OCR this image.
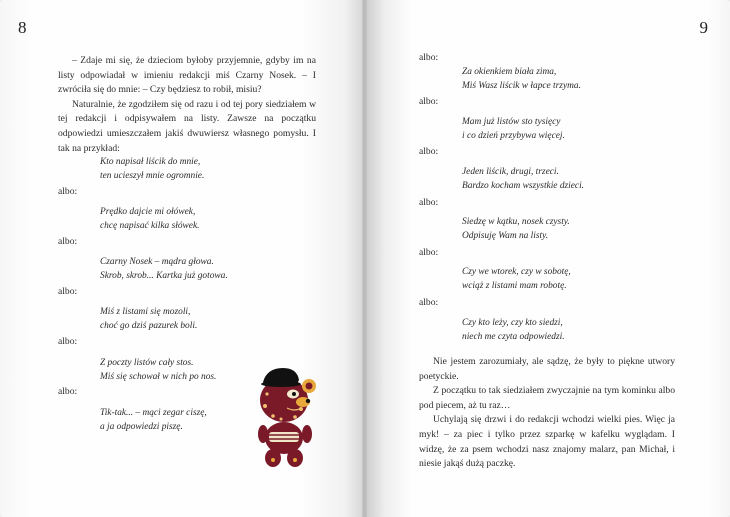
8

– Zdaje mi się, że dzieciom byłoby przyjemnie, gdyby im na listy odpowiadał w imieniu redakcji miś Czarny Nosek. – I zwróciła się do mnie: – Czy będziesz to robił, misiu?

Naturalnie, że zgodziłem się od razu i od tej pory siedziałem w tej redakcji i odpisywałem na listy. Zawsze na początku odpowiedzi umieszczałem jakiś dwuwiersz własnego pomysłu. I tak na przykład:

Kto napisał liścik do mnie,
ten ucieszył mnie ogromnie.
albo:
Prędko dajcie mi ołówek,
chcę napisać kilka słówek.
albo:
Czarny Nosek – mądra głowa.
Skrob, skrob... Kartka już gotowa.
albo:
Miś z listami się mozoli,
choć go dziś pazurek boli.
albo:
Z poczty listów cały stos.
Miś się schował w nich po nos.
albo:
Tik-tak... – mąci zegar ciszę,
a ja odpowiedzi piszę.
9
albo:
Za okienkiem biała zima,
Miś Wasz liścik w łapce trzyma.
albo:
Mam już listów sto tysięcy
i co dzień przybywa więcej.
albo:
Jeden liścik, drugi, trzeci.
Bardzo kocham wszystkie dzieci.
albo:
Siedzę w kątku, nosek czysty.
Odpisuję Wam na listy.
albo:
Czy we wtorek, czy w sobotę,
wciąż z listami mam robotę.
albo:
Czy kto leży, czy kto siedzi,
niech me czyta odpowiedzi.

Nie jestem zarozumiały, ale sądzę, że były to piękne utwory poetyckie.

Z początku to tak siedziałem zwyczajnie na tym kominku albo pod piecem, aż tu raz…

Uchylają się drzwi i do redakcji wchodzi wielki pies. Więc ja myk! – za piec i tylko przez szparkę w kafelku wyglądam. I widzę, że za psem wchodzi nasz znajomy malarz, pan Michał, i niesie jakąś dużą paczkę.
